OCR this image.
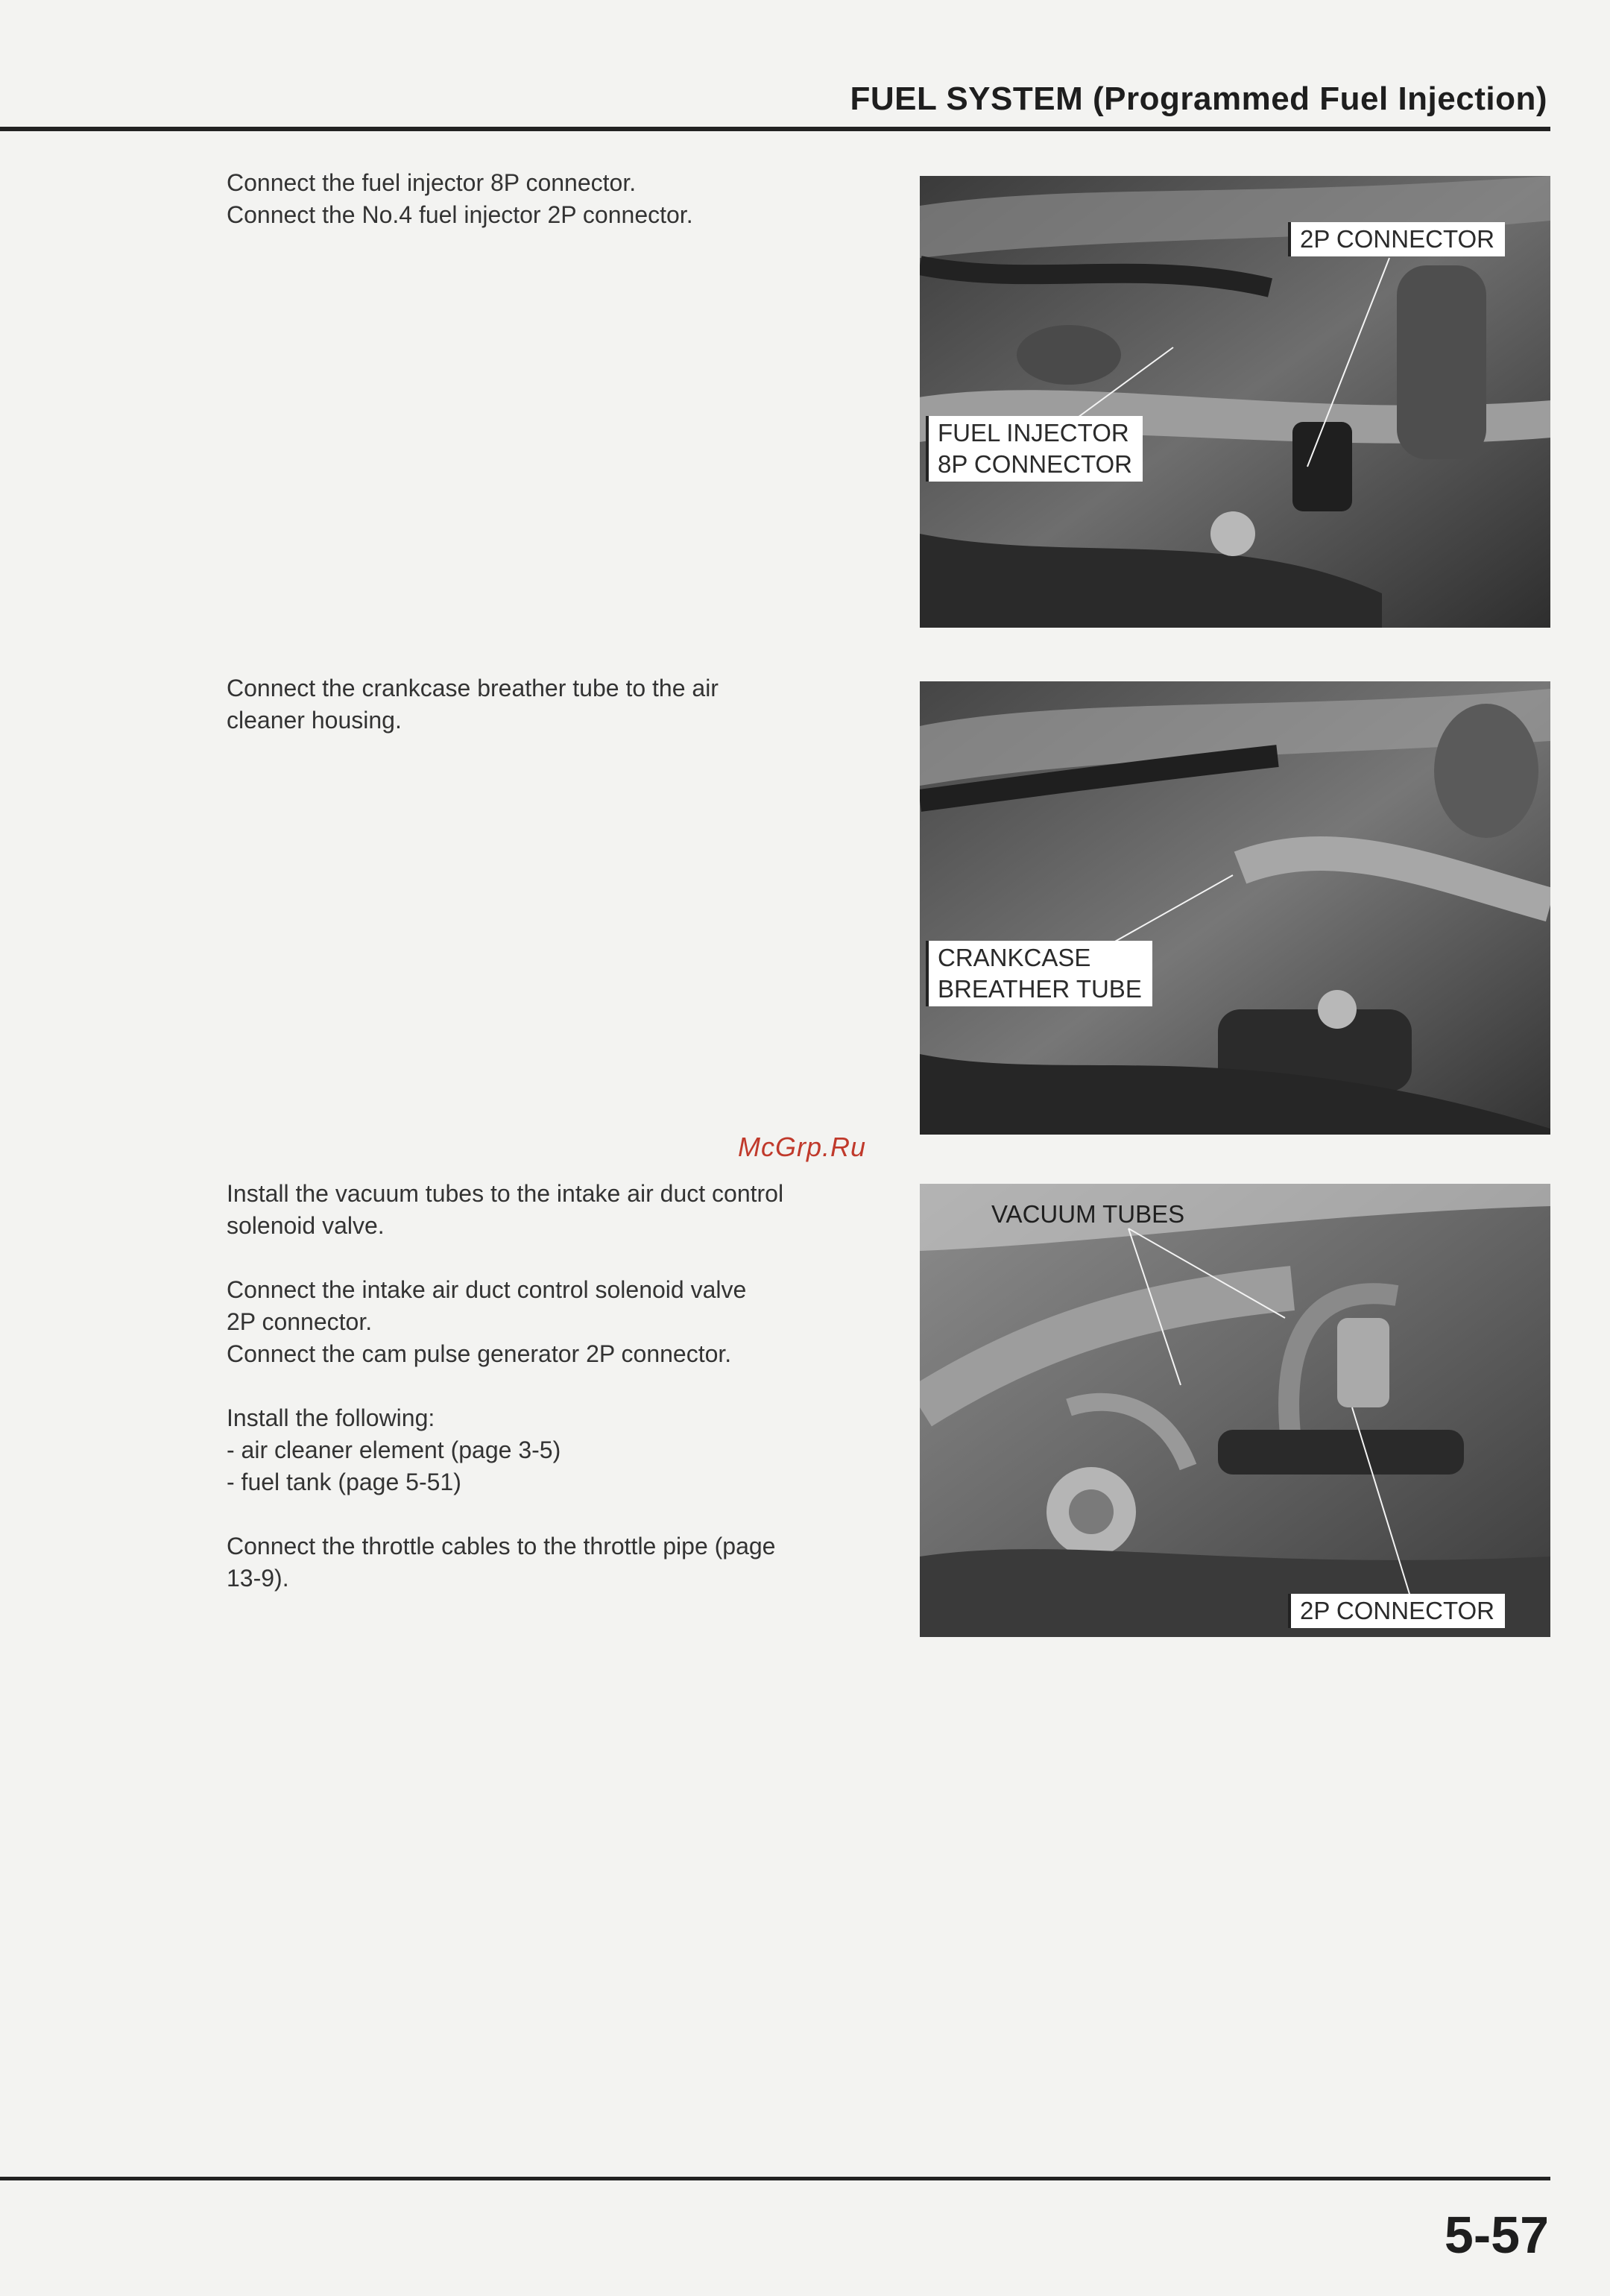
FUEL SYSTEM (Programmed Fuel Injection)

Connect the fuel injector 8P connector.
Connect the No.4 fuel injector 2P connector.

2P CONNECTOR
FUEL INJECTOR
8P CONNECTOR

Connect the crankcase breather tube to the air
cleaner housing.

CRANKCASE
BREATHER TUBE
McGrp.Ru

Install the vacuum tubes to the intake air duct control
solenoid valve.

Connect the intake air duct control solenoid valve
2P connector.
Connect the cam pulse generator 2P connector.

Install the following:
- air cleaner element (page 3-5)
- fuel tank (page 5-51)

Connect the throttle cables to the throttle pipe (page
13-9).

VACUUM TUBES
2P CONNECTOR
5-57
